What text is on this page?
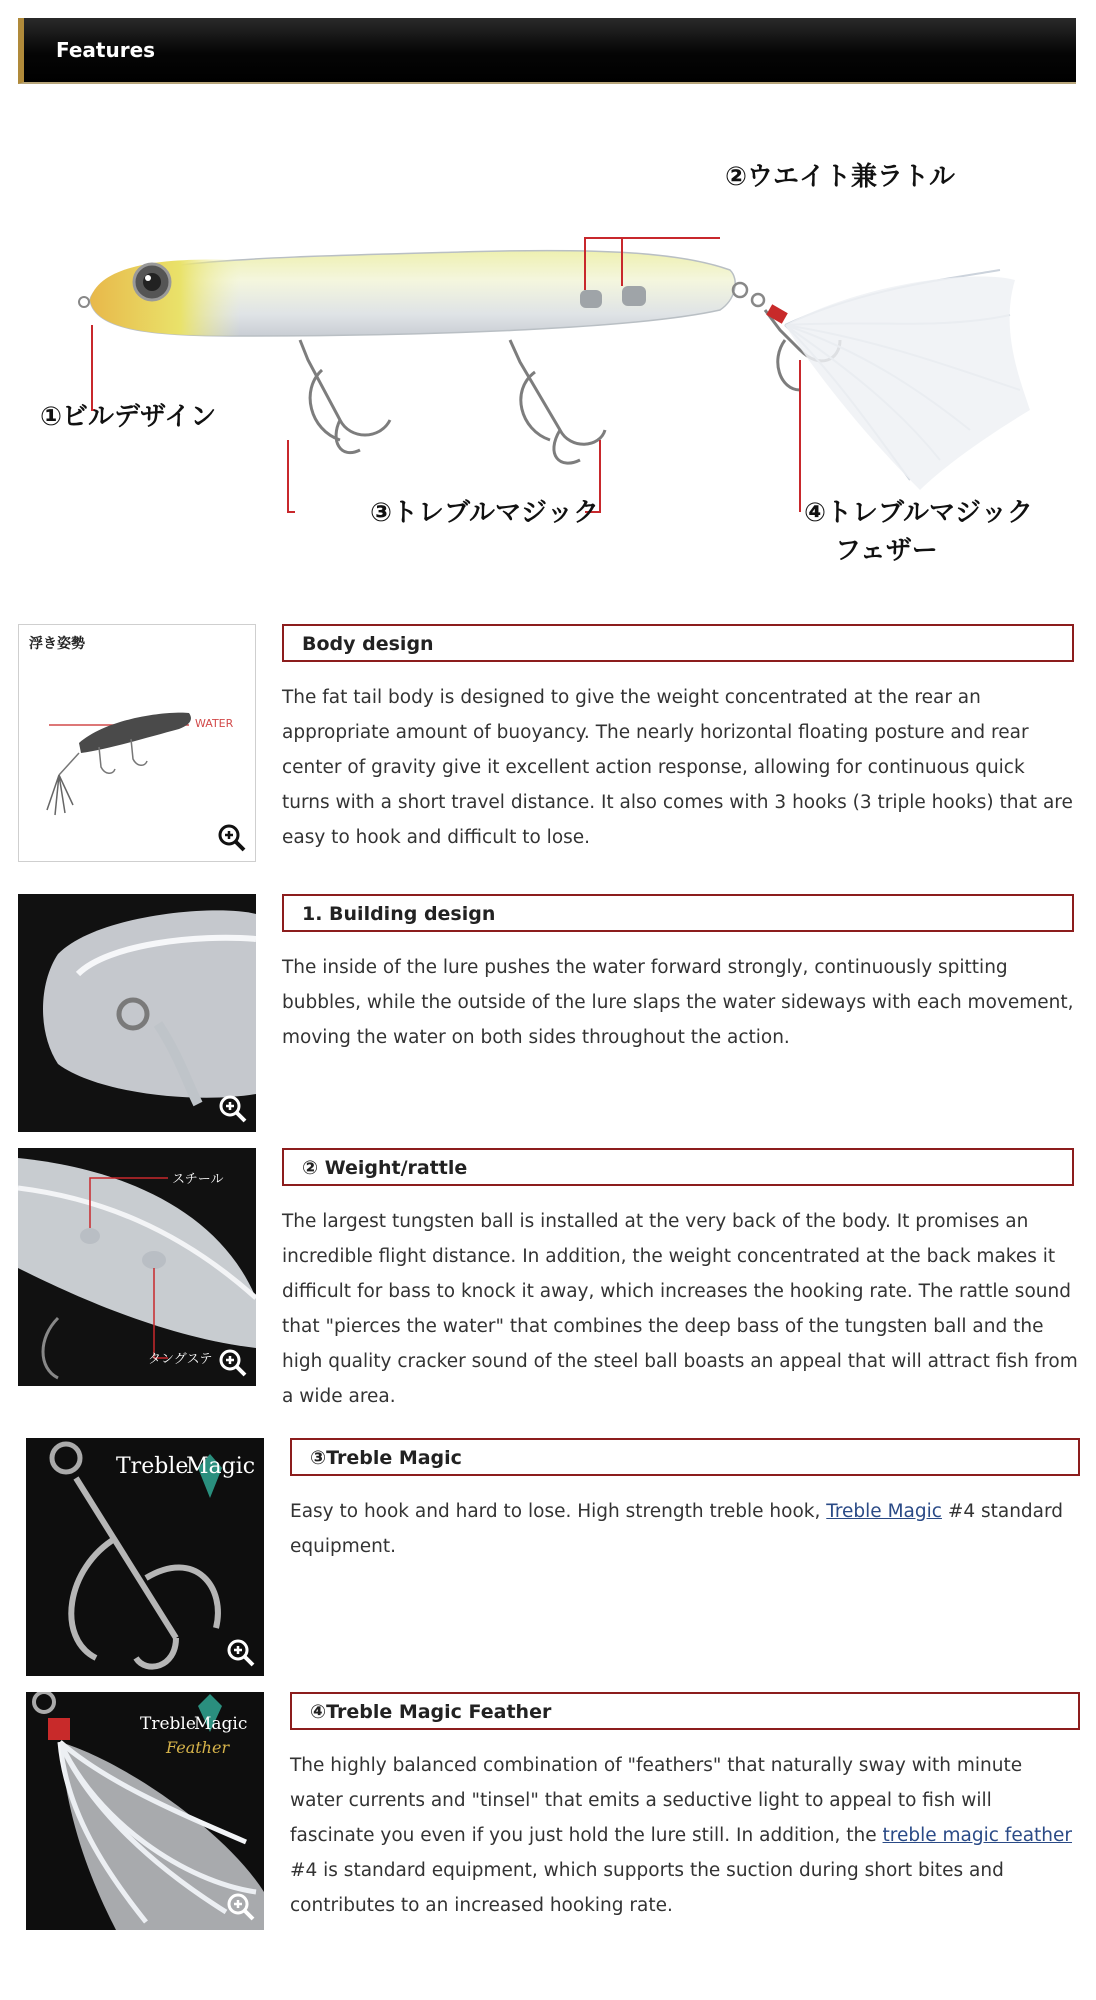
Features
①ビルデザイン
②ウエイト兼ラトル
③トレブルマジック	④トレブルマジック
フェザー
浮き姿勢
WATER
Body design
The fat tail body is designed to give the weight concentrated at the rear an appropriate amount of buoyancy. The nearly horizontal floating posture and rear center of gravity give it excellent action response, allowing for continuous quick turns with a short travel distance. It also comes with 3 hooks (3 triple hooks) that are easy to hook and difficult to lose.
1. Building design
The inside of the lure pushes the water forward strongly, continuously spitting bubbles, while the outside of the lure slaps the water sideways with each movement, moving the water on both sides throughout the action.
スチール
タングステ
② Weight/rattle
The largest tungsten ball is installed at the very back of the body. It promises an incredible flight distance. In addition, the weight concentrated at the back makes it difficult for bass to knock it away, which increases the hooking rate. The rattle sound that "pierces the water" that combines the deep bass of the tungsten ball and the high quality cracker sound of the steel ball boasts an appeal that will attract fish from a wide area.
Treble
Magic	③Treble Magic
Easy to hook and hard to lose. High strength treble hook, Treble Magic #4 standard equipment.
Treble
Magic
Feather
④Treble Magic Feather
The highly balanced combination of "feathers" that naturally sway with minute water currents and "tinsel" that emits a seductive light to appeal to fish will fascinate you even if you just hold the lure still. In addition, the treble magic feather #4 is standard equipment, which supports the suction during short bites and contributes to an increased hooking rate.
